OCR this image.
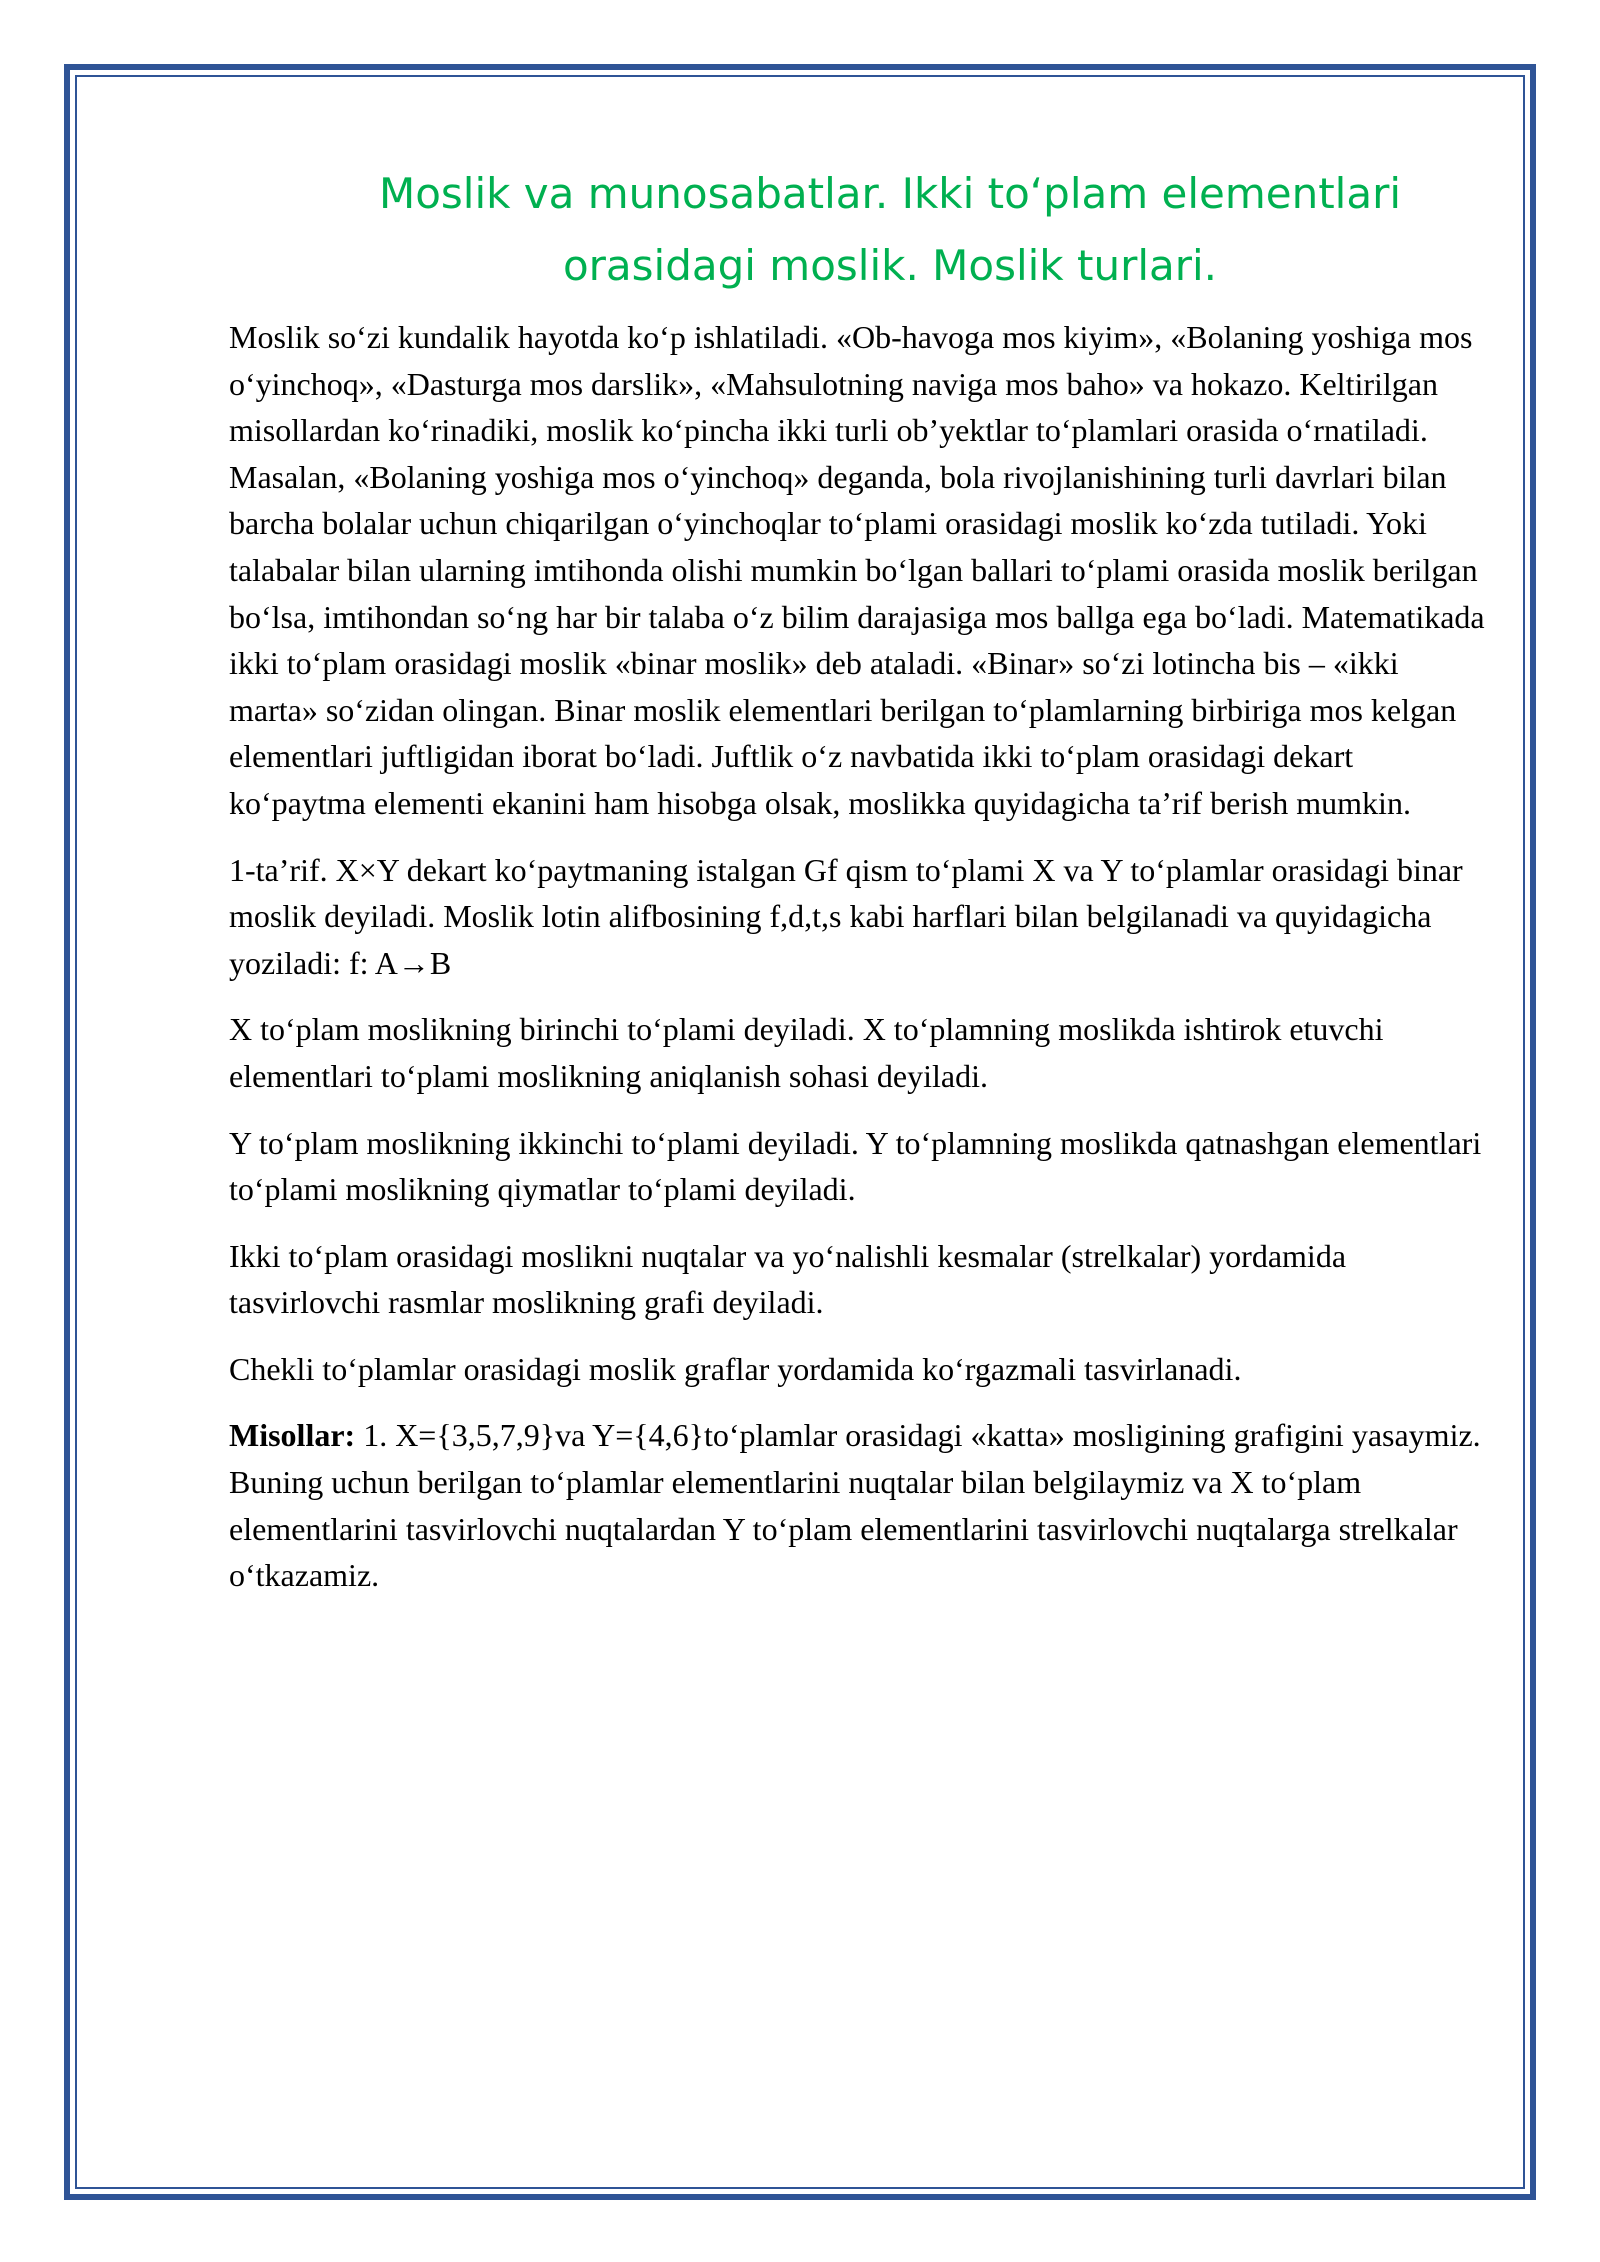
Moslik va munosabatlar. Ikki to‘plam elementlari
orasidagi moslik. Moslik turlari.

Moslik so‘zi kundalik hayotda ko‘p ishlatiladi. «Ob-havoga mos kiyim», «Bolaning yoshiga mos o‘yinchoq», «Dasturga mos darslik», «Mahsulotning naviga mos baho» va hokazo. Keltirilgan misollardan ko‘rinadiki, moslik ko‘pincha ikki turli ob’yektlar to‘plamlari orasida o‘rnatiladi. Masalan, «Bolaning yoshiga mos o‘yinchoq» deganda, bola rivojlanishining turli davrlari bilan barcha bolalar uchun chiqarilgan o‘yinchoqlar to‘plami orasidagi moslik ko‘zda tutiladi. Yoki talabalar bilan ularning imtihonda olishi mumkin bo‘lgan ballari to‘plami orasida moslik berilgan bo‘lsa, imtihondan so‘ng har bir talaba o‘z bilim darajasiga mos ballga ega bo‘ladi. Matematikada ikki to‘plam orasidagi moslik «binar moslik» deb ataladi. «Binar» so‘zi lotincha bis – «ikki marta» so‘zidan olingan. Binar moslik elementlari berilgan to‘plamlarning birbiriga mos kelgan elementlari juftligidan iborat bo‘ladi. Juftlik o‘z navbatida ikki to‘plam orasidagi dekart ko‘paytma elementi ekanini ham hisobga olsak, moslikka quyidagicha ta’rif berish mumkin.

1-ta’rif. X×Y dekart ko‘paytmaning istalgan Gf qism to‘plami X va Y to‘plamlar orasidagi binar moslik deyiladi. Moslik lotin alifbosining f,d,t,s kabi harflari bilan belgilanadi va quyidagicha yoziladi: f: A→B

X to‘plam moslikning birinchi to‘plami deyiladi. X to‘plamning moslikda ishtirok etuvchi elementlari to‘plami moslikning aniqlanish sohasi deyiladi.

Y to‘plam moslikning ikkinchi to‘plami deyiladi. Y to‘plamning moslikda qatnashgan elementlari to‘plami moslikning qiymatlar to‘plami deyiladi.

Ikki to‘plam orasidagi moslikni nuqtalar va yo‘nalishli kesmalar (strelkalar) yordamida tasvirlovchi rasmlar moslikning grafi deyiladi.

Chekli to‘plamlar orasidagi moslik graflar yordamida ko‘rgazmali tasvirlanadi.

Misollar: 1. X={3,5,7,9}va Y={4,6}to‘plamlar orasidagi «katta» mosligining grafigini yasaymiz. Buning uchun berilgan to‘plamlar elementlarini nuqtalar bilan belgilaymiz va X to‘plam elementlarini tasvirlovchi nuqtalardan Y to‘plam elementlarini tasvirlovchi nuqtalarga strelkalar o‘tkazamiz.
